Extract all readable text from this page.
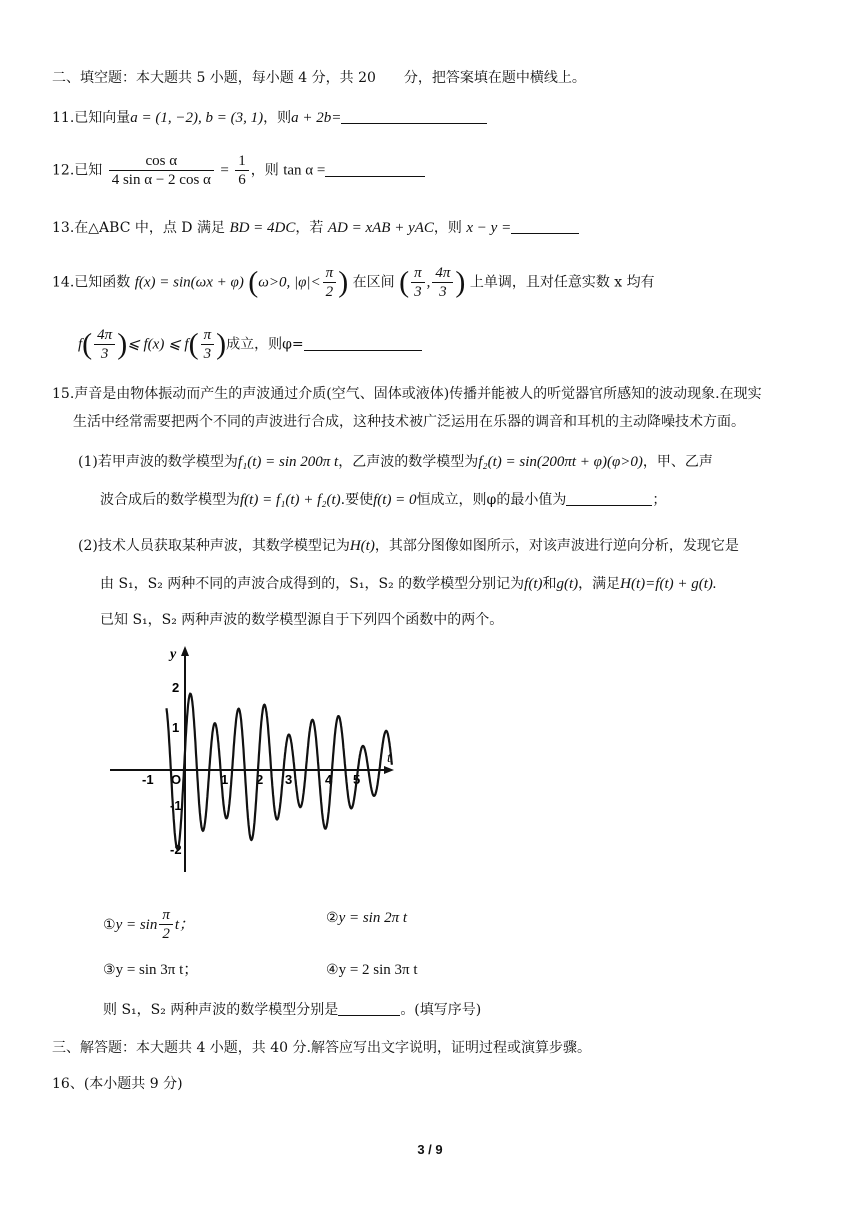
二、填空题：本大题共 5 小题，每小题 4 分，共 20　　分，把答案填在题中横线上。
11.已知向量a = (1, −2), b = (3, 1)，则a + 2b=
12.已知 $\frac{\text{cos α}}{\text{4 sin α − 2 cos α}} = \frac{1}{6}$ ，则 tan α =
13.在△ABC 中，点 D 满足 BD = 4DC，若 AD = xAB + yAC，则 x − y =
14.已知函数 f(x) = sin(ωx + φ) (ω>0, $|\varphi|< \frac{\pi}{2}$ ) 在区间 ( $\frac{\pi}{3}$ , $\frac{4\pi}{3}$ ) 上单调，且对任意实数 x 均有
$f( \frac{4\pi}{3}$ )⩽ f(x) ⩽ $f( \frac{\pi}{3}$ )成立，则φ=
15.声音是由物体振动而产生的声波通过介质(空气、固体或液体)传播并能被人的听觉器官所感知的波动现象.在现实
生活中经常需要把两个不同的声波进行合成，这种技术被广泛运用在乐器的调音和耳机的主动降噪技术方面。
(1)若甲声波的数学模型为f₁(t) = sin 200π t，乙声波的数学模型为f₂(t) = sin(200πt + φ)(φ>0)，甲、乙声
波合成后的数学模型为f(t) = f₁(t) + f₂(t).要使f(t) = 0恒成立，则φ的最小值为	；
(2)技术人员获取某种声波，其数学模型记为H(t)，其部分图像如图所示，对该声波进行逆向分析，发现它是
由 S₁，S₂ 两种不同的声波合成得到的，S₁，S₂ 的数学模型分别记为f(t)和g(t)，满足H(t)=f(t) + g(t).
已知 S₁，S₂ 两种声波的数学模型源自于下列四个函数中的两个。
y
t
-1 O	1 2 3	4 5
2
1
-1
-2
①y = $\sin \frac{\pi}{2}$ t；	②y = sin 2π t
③y = sin 3π t；	④y = 2 sin 3π t
则 S₁，S₂ 两种声波的数学模型分别是	。(填写序号)
三、解答题：本大题共 4 小题，共 40 分.解答应写出文字说明，证明过程或演算步骤。
16、(本小题共 9 分)
3 / 9
